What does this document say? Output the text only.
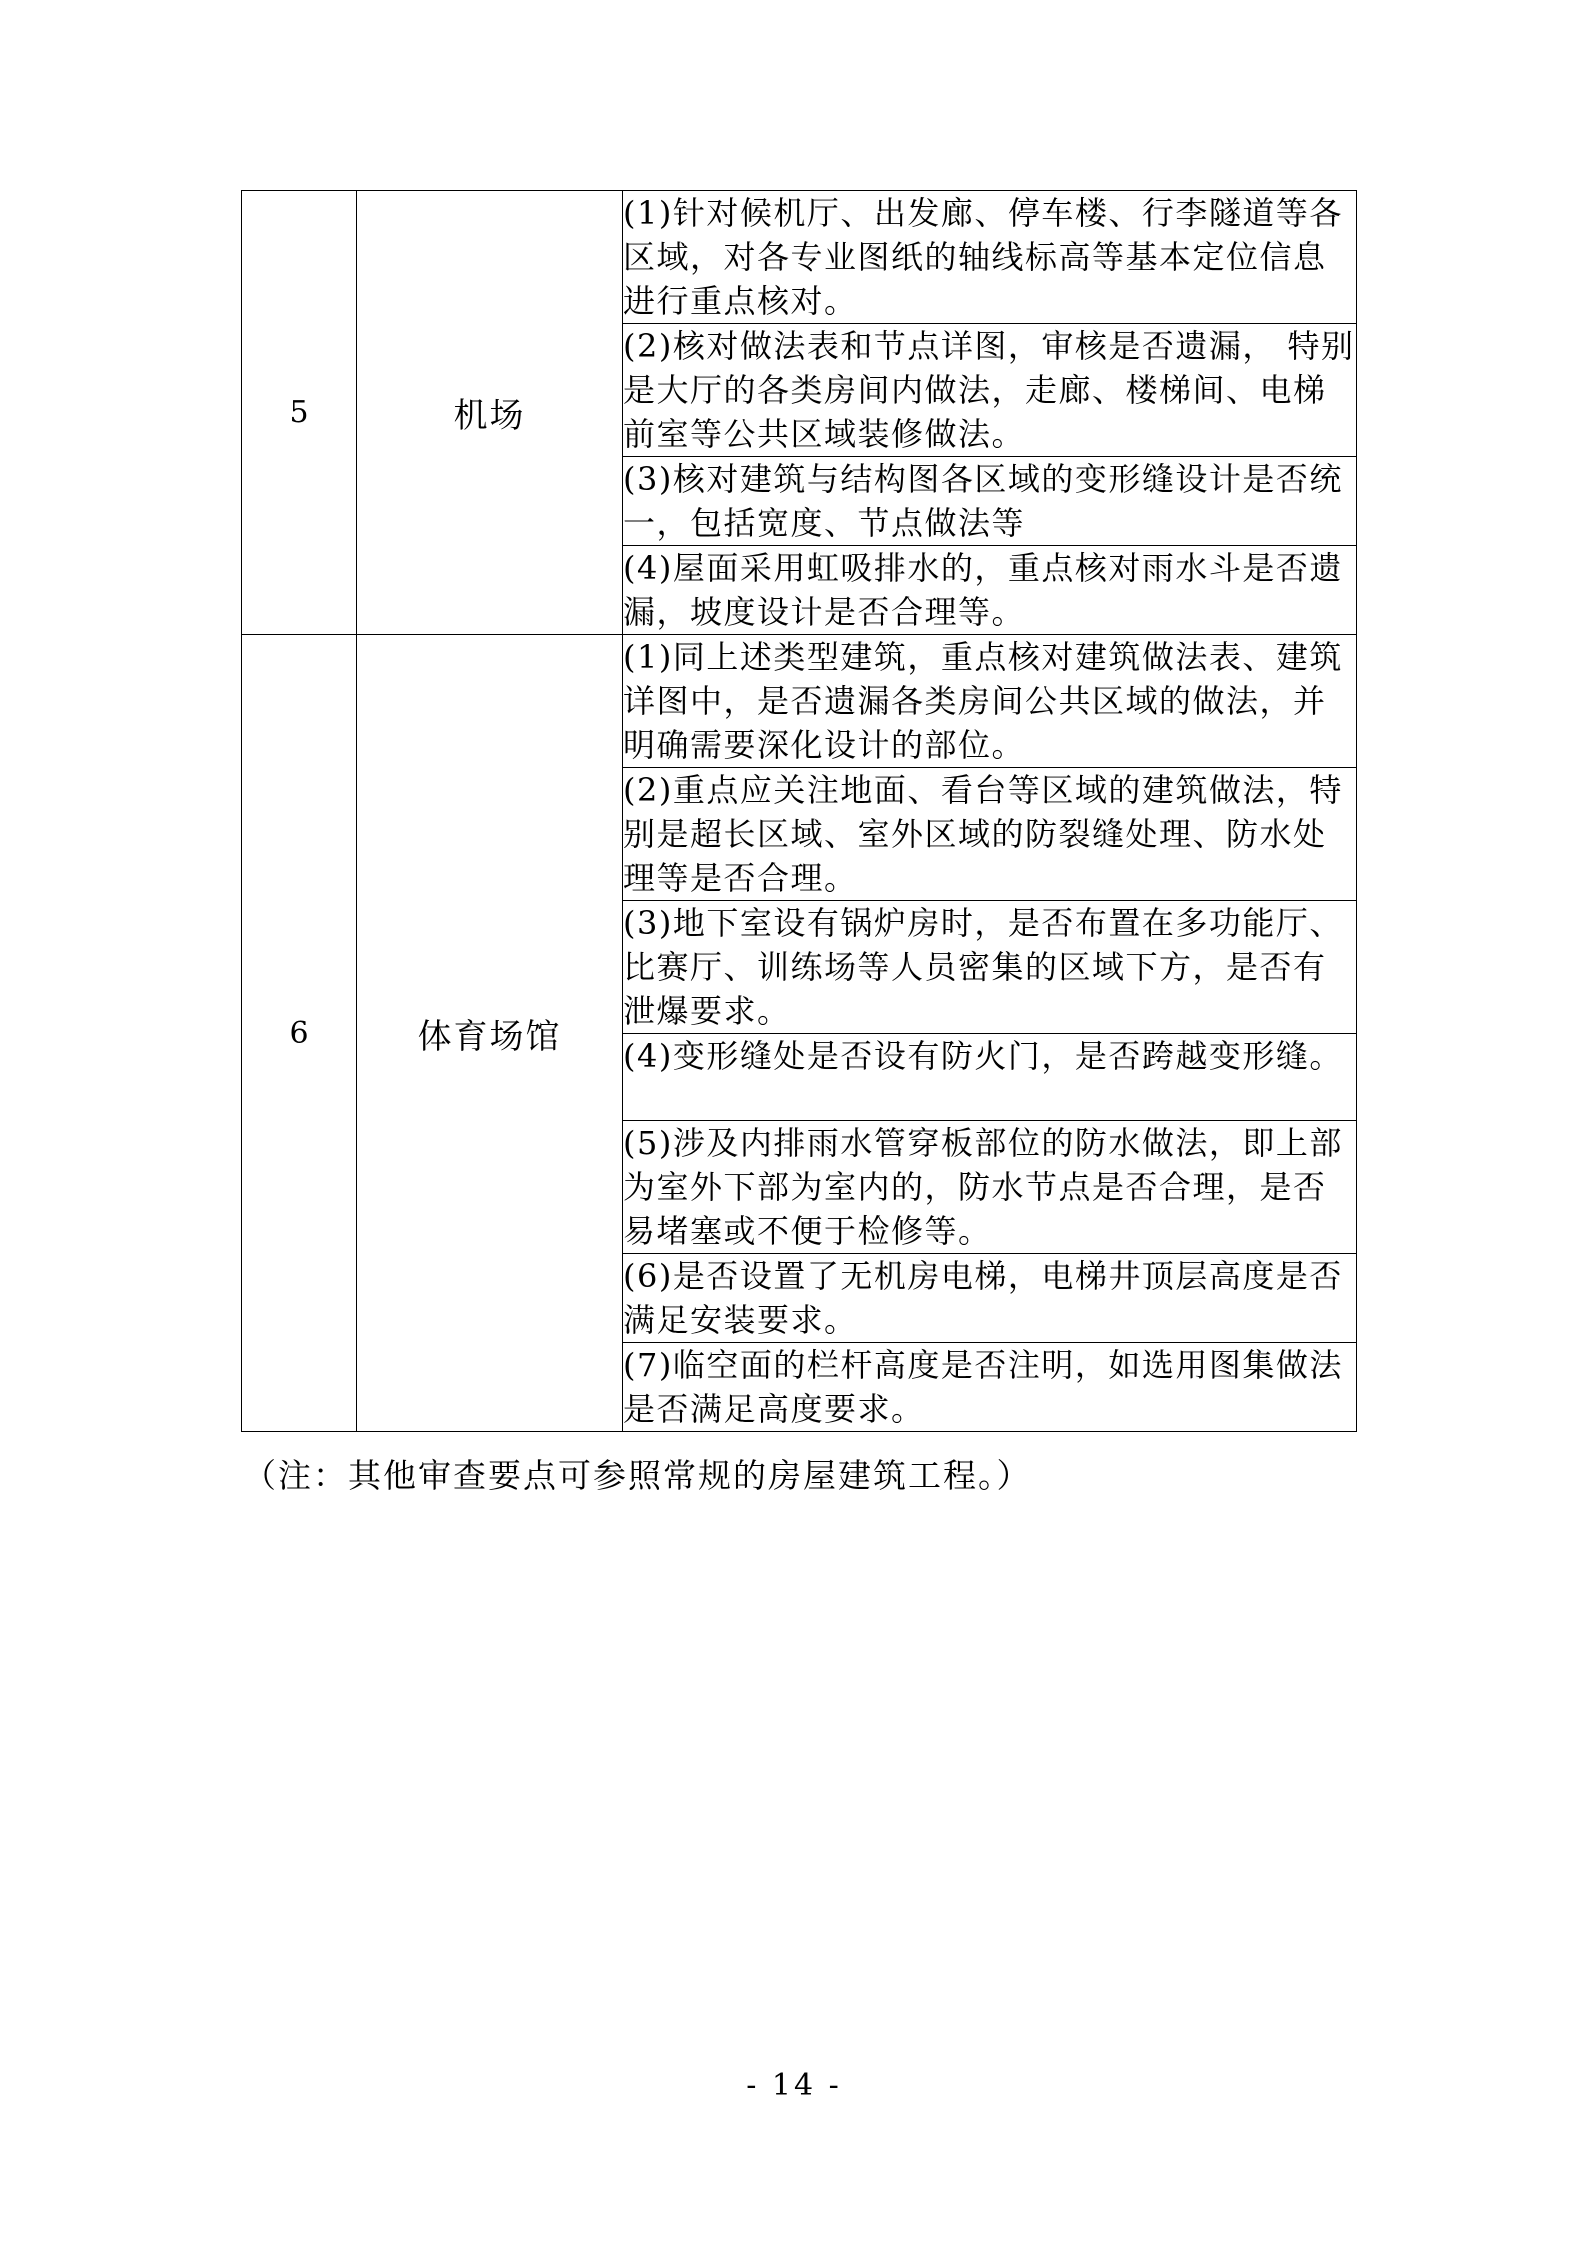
5	机场	(1)针对候机厅、出发廊、停车楼、行李隧道等各区域，对各专业图纸的轴线标高等基本定位信息进行重点核对。
		(2)核对做法表和节点详图，审核是否遗漏， 特别是大厅的各类房间内做法，走廊、楼梯间、电梯前室等公共区域装修做法。
		(3)核对建筑与结构图各区域的变形缝设计是否统一，包括宽度、节点做法等
		(4)屋面采用虹吸排水的，重点核对雨水斗是否遗漏，坡度设计是否合理等。
6	体育场馆	(1)同上述类型建筑，重点核对建筑做法表、建筑详图中，是否遗漏各类房间公共区域的做法，并明确需要深化设计的部位。
		(2)重点应关注地面、看台等区域的建筑做法，特别是超长区域、室外区域的防裂缝处理、防水处理等是否合理。
		(3)地下室设有锅炉房时，是否布置在多功能厅、比赛厅、训练场等人员密集的区域下方，是否有泄爆要求。
		(4)变形缝处是否设有防火门，是否跨越变形缝。
		(5)涉及内排雨水管穿板部位的防水做法，即上部为室外下部为室内的，防水节点是否合理，是否易堵塞或不便于检修等。
		(6)是否设置了无机房电梯，电梯井顶层高度是否满足安装要求。
		(7)临空面的栏杆高度是否注明，如选用图集做法是否满足高度要求。
（注：其他审查要点可参照常规的房屋建筑工程。）
- 14 -
